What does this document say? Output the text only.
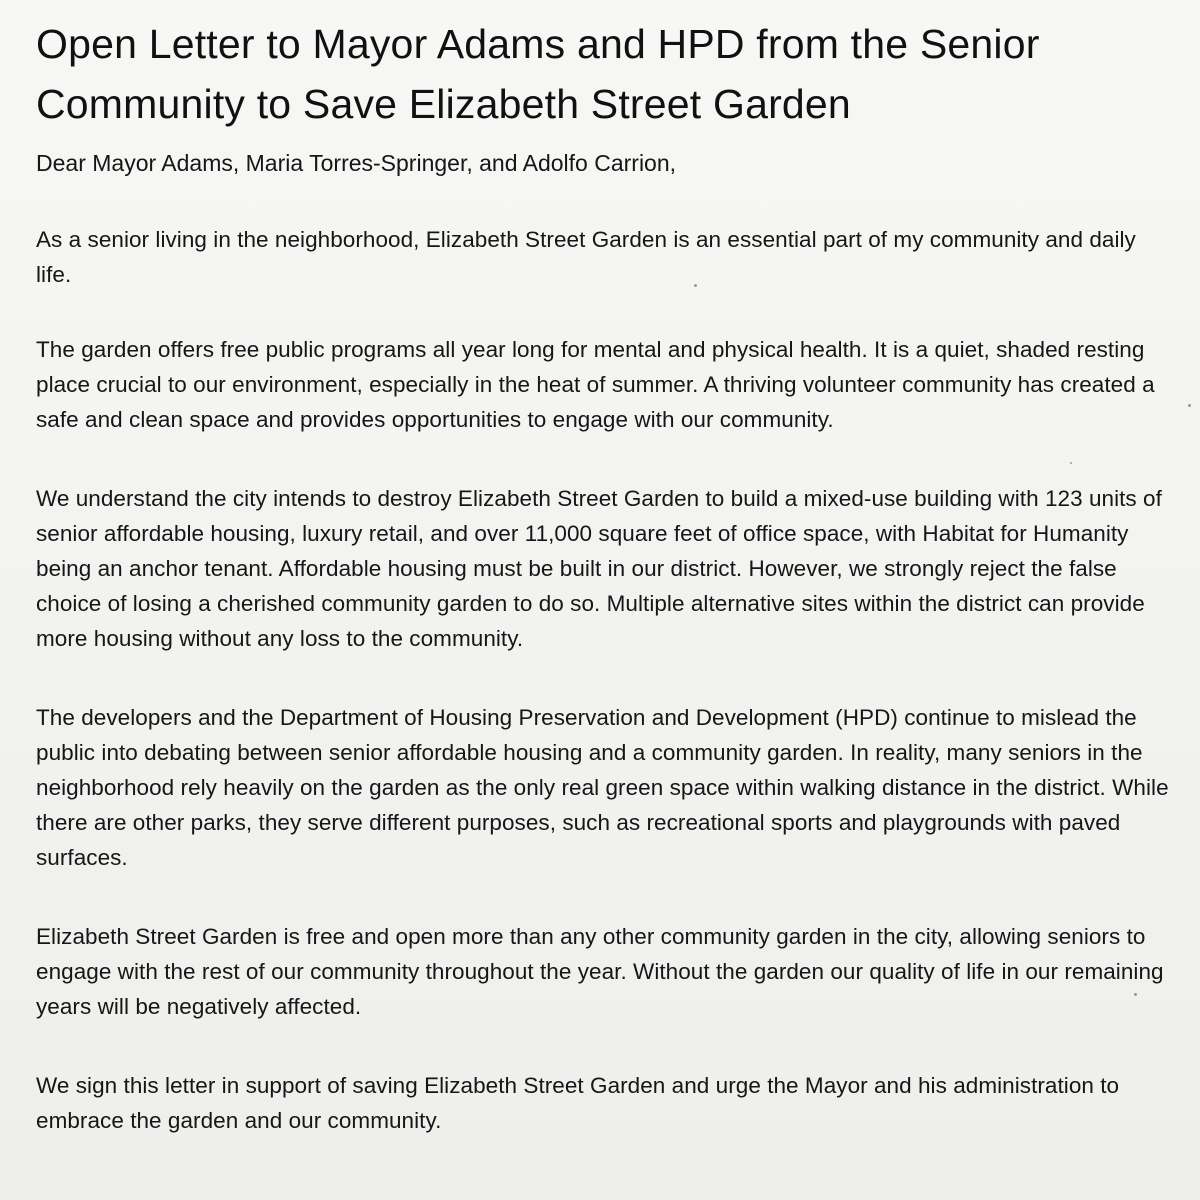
Open Letter to Mayor Adams and HPD from the Senior Community to Save Elizabeth Street Garden

Dear Mayor Adams, Maria Torres-Springer, and Adolfo Carrion,

As a senior living in the neighborhood, Elizabeth Street Garden is an essential part of my community and daily life.

The garden offers free public programs all year long for mental and physical health. It is a quiet, shaded resting place crucial to our environment, especially in the heat of summer. A thriving volunteer community has created a safe and clean space and provides opportunities to engage with our community.

We understand the city intends to destroy Elizabeth Street Garden to build a mixed-use building with 123 units of senior affordable housing, luxury retail, and over 11,000 square feet of office space, with Habitat for Humanity being an anchor tenant. Affordable housing must be built in our district. However, we strongly reject the false choice of losing a cherished community garden to do so. Multiple alternative sites within the district can provide more housing without any loss to the community.

The developers and the Department of Housing Preservation and Development (HPD) continue to mislead the public into debating between senior affordable housing and a community garden. In reality, many seniors in the neighborhood rely heavily on the garden as the only real green space within walking distance in the district. While there are other parks, they serve different purposes, such as recreational sports and playgrounds with paved surfaces.

Elizabeth Street Garden is free and open more than any other community garden in the city, allowing seniors to engage with the rest of our community throughout the year. Without the garden our quality of life in our remaining years will be negatively affected.

We sign this letter in support of saving Elizabeth Street Garden and urge the Mayor and his administration to embrace the garden and our community.
